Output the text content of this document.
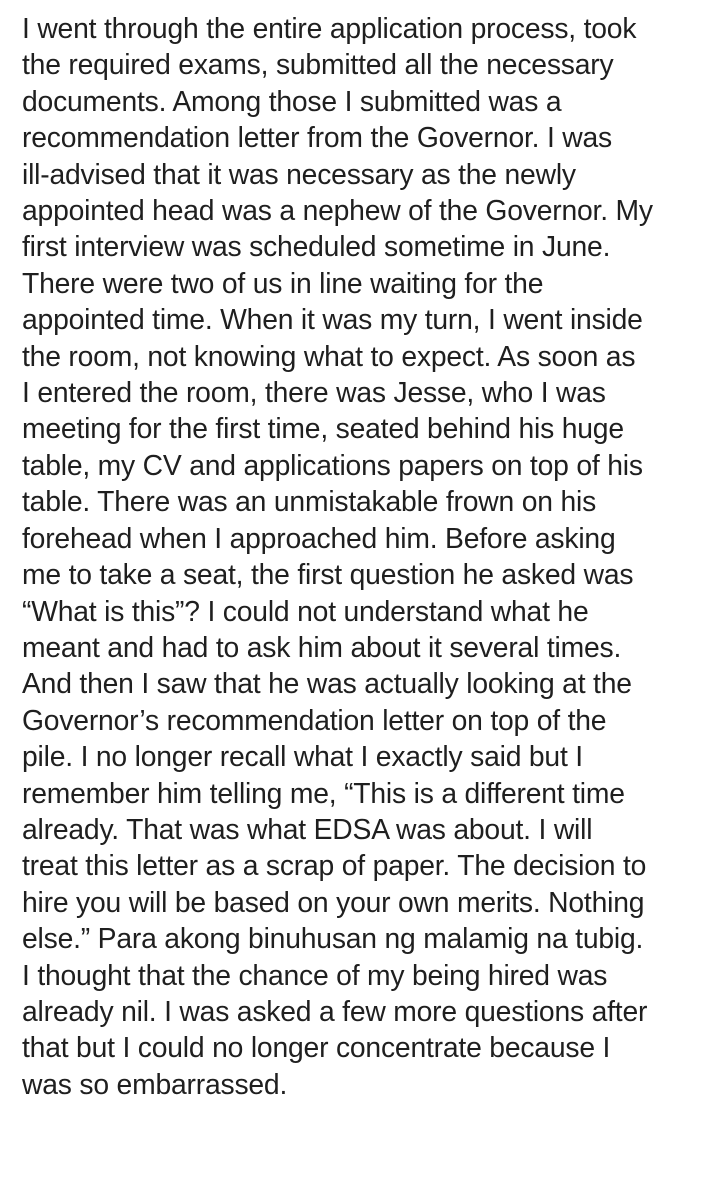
I went through the entire application process, took
the required exams, submitted all the necessary
documents. Among those I submitted was a
recommendation letter from the Governor. I was
ill-advised that it was necessary as the newly
appointed head was a nephew of the Governor. My
first interview was scheduled sometime in June.
There were two of us in line waiting for the
appointed time. When it was my turn, I went inside
the room, not knowing what to expect. As soon as
I entered the room, there was Jesse, who I was
meeting for the first time, seated behind his huge
table, my CV and applications papers on top of his
table. There was an unmistakable frown on his
forehead when I approached him. Before asking
me to take a seat, the first question he asked was
“What is this”? I could not understand what he
meant and had to ask him about it several times.
And then I saw that he was actually looking at the
Governor’s recommendation letter on top of the
pile. I no longer recall what I exactly said but I
remember him telling me, “This is a different time
already. That was what EDSA was about. I will
treat this letter as a scrap of paper. The decision to
hire you will be based on your own merits. Nothing
else.” Para akong binuhusan ng malamig na tubig.
I thought that the chance of my being hired was
already nil. I was asked a few more questions after
that but I could no longer concentrate because I
was so embarrassed.
